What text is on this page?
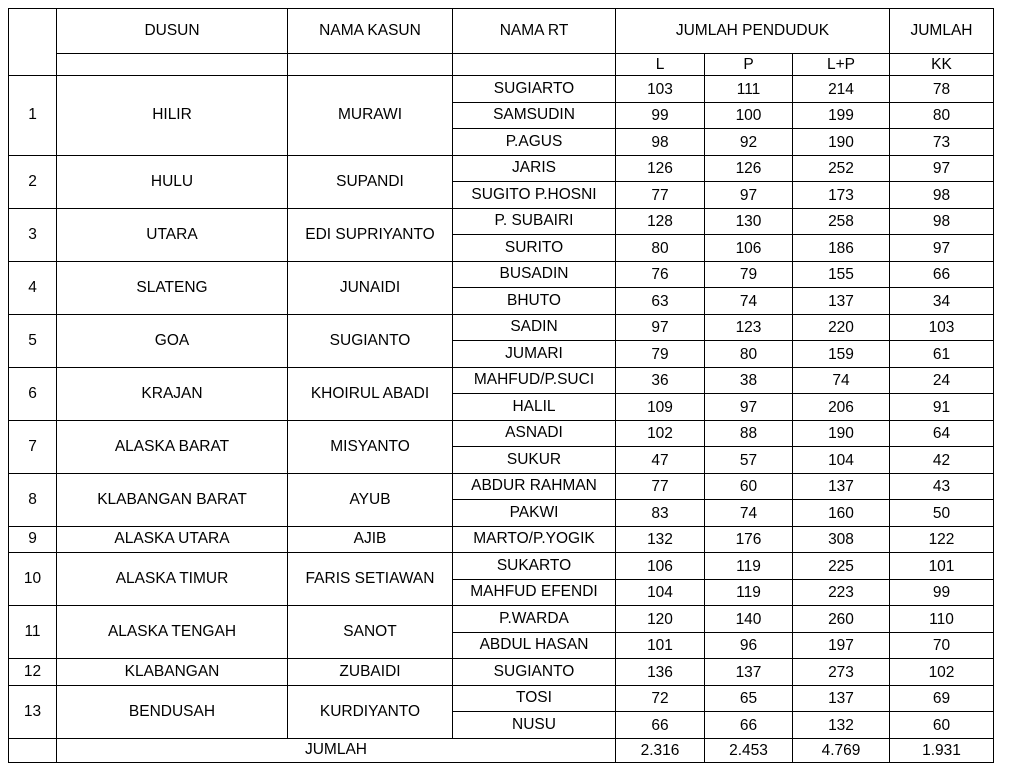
	DUSUN	NAMA KASUN	NAMA RT	JUMLAH PENDUDUK			JUMLAH
				L	P	L+P	KK
1	HILIR	MURAWI	SUGIARTO	103	111	214	78
			SAMSUDIN	99	100	199	80
			P.AGUS	98	92	190	73
2	HULU	SUPANDI	JARIS	126	126	252	97
			SUGITO P.HOSNI	77	97	173	98
3	UTARA	EDI SUPRIYANTO	P. SUBAIRI	128	130	258	98
			SURITO	80	106	186	97
4	SLATENG	JUNAIDI	BUSADIN	76	79	155	66
			BHUTO	63	74	137	34
5	GOA	SUGIANTO	SADIN	97	123	220	103
			JUMARI	79	80	159	61
6	KRAJAN	KHOIRUL ABADI	MAHFUD/P.SUCI	36	38	74	24
			HALIL	109	97	206	91
7	ALASKA BARAT	MISYANTO	ASNADI	102	88	190	64
			SUKUR	47	57	104	42
8	KLABANGAN BARAT	AYUB	ABDUR RAHMAN	77	60	137	43
			PAKWI	83	74	160	50
9	ALASKA UTARA	AJIB	MARTO/P.YOGIK	132	176	308	122
10	ALASKA TIMUR	FARIS SETIAWAN	SUKARTO	106	119	225	101
			MAHFUD EFENDI	104	119	223	99
11	ALASKA TENGAH	SANOT	P.WARDA	120	140	260	110
			ABDUL HASAN	101	96	197	70
12	KLABANGAN	ZUBAIDI	SUGIANTO	136	137	273	102
13	BENDUSAH	KURDIYANTO	TOSI	72	65	137	69
			NUSU	66	66	132	60
	JUMLAH			2.316	2.453	4.769	1.931
